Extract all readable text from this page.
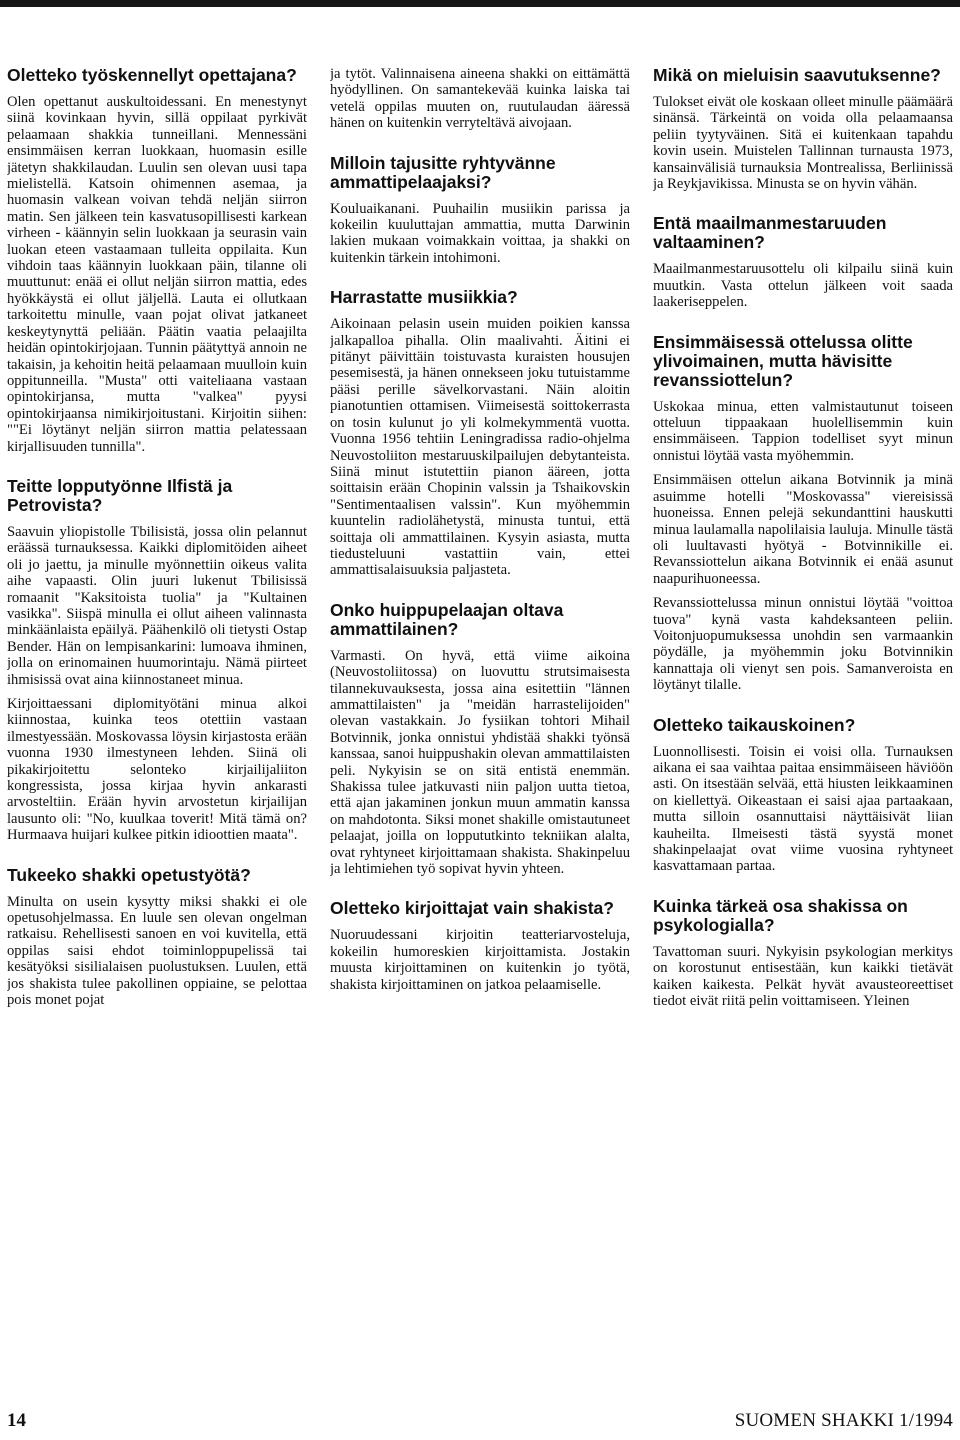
Oletteko työskennellyt opettajana?

Olen opettanut auskultoidessani. En menestynyt siinä kovinkaan hyvin, sillä oppilaat pyrkivät pelaamaan shakkia tunneillani. Mennessäni ensimmäisen kerran luokkaan, huomasin esille jätetyn shakkilaudan. Luulin sen olevan uusi tapa mielistellä. Katsoin ohimennen asemaa, ja huomasin valkean voivan tehdä neljän siirron matin. Sen jälkeen tein kasvatusopillisesti karkean virheen - käännyin selin luokkaan ja seurasin vain luokan eteen vastaamaan tulleita oppilaita. Kun vihdoin taas käännyin luokkaan päin, tilanne oli muuttunut: enää ei ollut neljän siirron mattia, edes hyökkäystä ei ollut jäljellä. Lauta ei ollutkaan tarkoitettu minulle, vaan pojat olivat jatkaneet keskeytynyttä peliään. Päätin vaatia pelaajilta heidän opintokirjojaan. Tunnin päätyttyä annoin ne takaisin, ja kehoitin heitä pelaamaan muulloin kuin oppitunneilla. "Musta" otti vaiteliaana vastaan opintokirjansa, mutta "valkea" pyysi opintokirjaansa nimikirjoitustani. Kirjoitin siihen: ""Ei löytänyt neljän siirron mattia pelatessaan kirjallisuuden tunnilla".

Teitte lopputyönne Ilfistä ja Petrovista?

Saavuin yliopistolle Tbilisistä, jossa olin pelannut eräässä turnauksessa. Kaikki diplomitöiden aiheet oli jo jaettu, ja minulle myönnettiin oikeus valita aihe vapaasti. Olin juuri lukenut Tbilisissä romaanit "Kaksitoista tuolia" ja "Kultainen vasikka". Siispä minulla ei ollut aiheen valinnasta minkäänlaista epäilyä. Päähenkilö oli tietysti Ostap Bender. Hän on lempisankarini: lumoava ihminen, jolla on erinomainen huumorintaju. Nämä piirteet ihmisissä ovat aina kiinnostaneet minua.

Kirjoittaessani diplomityötäni minua alkoi kiinnostaa, kuinka teos otettiin vastaan ilmestyessään. Moskovassa löysin kirjastosta erään vuonna 1930 ilmestyneen lehden. Siinä oli pikakirjoitettu selonteko kirjailijaliiton kongressista, jossa kirjaa hyvin ankarasti arvosteltiin. Erään hyvin arvostetun kirjailijan lausunto oli: "No, kuulkaa toverit! Mitä tämä on? Hurmaava huijari kulkee pitkin idioottien maata".

Tukeeko shakki opetustyötä?

Minulta on usein kysytty miksi shakki ei ole opetusohjelmassa. En luule sen olevan ongelman ratkaisu. Rehellisesti sanoen en voi kuvitella, että oppilas saisi ehdot toiminloppupelissä tai kesätyöksi sisilialaisen puolustuksen. Luulen, että jos shakista tulee pakollinen oppiaine, se pelottaa pois monet pojat

ja tytöt. Valinnaisena aineena shakki on eittämättä hyödyllinen. On samantekevää kuinka laiska tai vetelä oppilas muuten on, ruutulaudan ääressä hänen on kuitenkin verryteltävä aivojaan.

Milloin tajusitte ryhtyvänne ammattipelaajaksi?

Kouluaikanani. Puuhailin musiikin parissa ja kokeilin kuuluttajan ammattia, mutta Darwinin lakien mukaan voimakkain voittaa, ja shakki on kuitenkin tärkein intohimoni.

Harrastatte musiikkia?

Aikoinaan pelasin usein muiden poikien kanssa jalkapalloa pihalla. Olin maalivahti. Äitini ei pitänyt päivittäin toistuvasta kuraisten housujen pesemisestä, ja hänen onnekseen joku tutuistamme pääsi perille sävelkorvastani. Näin aloitin pianotuntien ottamisen. Viimeisestä soittokerrasta on tosin kulunut jo yli kolmekymmentä vuotta. Vuonna 1956 tehtiin Leningradissa radio-ohjelma Neuvostoliiton mestaruuskilpailujen debytanteista. Siinä minut istutettiin pianon ääreen, jotta soittaisin erään Chopinin valssin ja Tshaikovskin "Sentimentaalisen valssin". Kun myöhemmin kuuntelin radiolähetystä, minusta tuntui, että soittaja oli ammattilainen. Kysyin asiasta, mutta tiedusteluuni vastattiin vain, ettei ammattisalaisuuksia paljasteta.

Onko huippupelaajan oltava ammattilainen?

Varmasti. On hyvä, että viime aikoina (Neuvostoliitossa) on luovuttu strutsimaisesta tilannekuvauksesta, jossa aina esitettiin "lännen ammattilaisten" ja "meidän harrastelijoiden" olevan vastakkain. Jo fysiikan tohtori Mihail Botvinnik, jonka onnistui yhdistää shakki työnsä kanssaa, sanoi huippushakin olevan ammattilaisten peli. Nykyisin se on sitä entistä enemmän. Shakissa tulee jatkuvasti niin paljon uutta tietoa, että ajan jakaminen jonkun muun ammatin kanssa on mahdotonta. Siksi monet shakille omistautuneet pelaajat, joilla on loppututkinto tekniikan alalta, ovat ryhtyneet kirjoittamaan shakista. Shakinpeluu ja lehtimiehen työ sopivat hyvin yhteen.

Oletteko kirjoittajat vain shakista?

Nuoruudessani kirjoitin teatteriarvosteluja, kokeilin humoreskien kirjoittamista. Jostakin muusta kirjoittaminen on kuitenkin jo työtä, shakista kirjoittaminen on jatkoa pelaamiselle.

Mikä on mieluisin saavutuksenne?

Tulokset eivät ole koskaan olleet minulle päämäärä sinänsä. Tärkeintä on voida olla pelaamaansa peliin tyytyväinen. Sitä ei kuitenkaan tapahdu kovin usein. Muistelen Tallinnan turnausta 1973, kansainvälisiä turnauksia Montrealissa, Berliinissä ja Reykjavikissa. Minusta se on hyvin vähän.

Entä maailmanmestaruuden valtaaminen?

Maailmanmestaruusottelu oli kilpailu siinä kuin muutkin. Vasta ottelun jälkeen voit saada laakeriseppelen.

Ensimmäisessä ottelussa olitte ylivoimainen, mutta hävisitte revanssiottelun?

Uskokaa minua, etten valmistautunut toiseen otteluun tippaakaan huolellisemmin kuin ensimmäiseen. Tappion todelliset syyt minun onnistui löytää vasta myöhemmin.

Ensimmäisen ottelun aikana Botvinnik ja minä asuimme hotelli "Moskovassa" viereisissä huoneissa. Ennen pelejä sekundanttini hauskutti minua laulamalla napolilaisia lauluja. Minulle tästä oli luultavasti hyötyä - Botvinnikille ei. Revanssiottelun aikana Botvinnik ei enää asunut naapurihuoneessa.

Revanssiottelussa minun onnistui löytää "voittoa tuova" kynä vasta kahdeksanteen peliin. Voitonjuopumuksessa unohdin sen varmaankin pöydälle, ja myöhemmin joku Botvinnikin kannattaja oli vienyt sen pois. Samanveroista en löytänyt tilalle.

Oletteko taikauskoinen?

Luonnollisesti. Toisin ei voisi olla. Turnauksen aikana ei saa vaihtaa paitaa ensimmäiseen häviöön asti. On itsestään selvää, että hiusten leikkaaminen on kiellettyä. Oikeastaan ei saisi ajaa partaakaan, mutta silloin osannuttaisi näyttäisivät liian kauheilta. Ilmeisesti tästä syystä monet shakinpelaajat ovat viime vuosina ryhtyneet kasvattamaan partaa.

Kuinka tärkeä osa shakissa on psykologialla?

Tavattoman suuri. Nykyisin psykologian merkitys on korostunut entisestään, kun kaikki tietävät kaiken kaikesta. Pelkät hyvät avausteoreettiset tiedot eivät riitä pelin voittamiseen. Yleinen

14	SUOMEN SHAKKI 1/1994
